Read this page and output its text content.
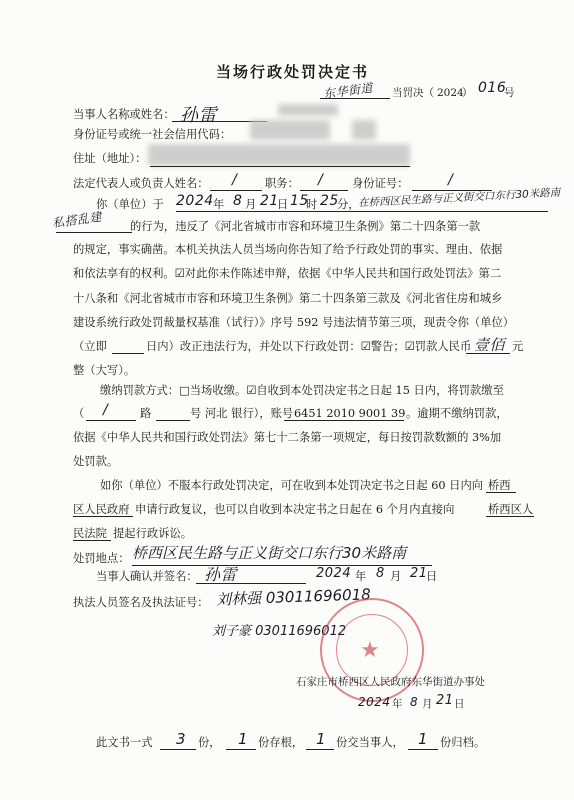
当场行政处罚决定书
东华街道 当罚决（ 2024
） 016
号
当事人名称或姓名： 孙雷
身份证号或统一社会信用代码：
住址（地址）：
法定代表人或负责人姓名： / 职务： /	身份证号：	/
你（单位）于 2024 年 8 月 21
日 15
时 25
分，
在桥西区民生路与正义街交口东行30米路南
私搭乱建 的行为，违反了《河北省城市市容和环境卫生条例》第二十四条第一款
的规定，事实确凿。本机关执法人员当场向你告知了给予行政处罚的事实、理由、依据
和依法享有的权利。☑对此你未作陈述申辩，依据《中华人民共和国行政处罚法》第二
十八条和《河北省城市市容和环境卫生条例》第二十四条第三款及《河北省住房和城乡
建设系统行政处罚裁量权基准（试行）》序号 592 号违法情节第三项，现责令你（单位）
（立即	日内）改正违法行为，并处以下行政处罚：☑警告；☑罚款人民币 壹佰 元
整（大写）。
缴纳罚款方式：□当场收缴。☑自收到本处罚决定书之日起 15 日内，将罚款缴至
（ /	路	号 河北 银行），账号 6451 2010 9001 39 。逾期不缴纳罚款，
依据《中华人民共和国行政处罚法》第七十二条第一项规定，每日按罚款数额的 3%加
处罚款。
如你（单位）不服本行政处罚决定，可在收到本处罚决定书之日起 60 日内向 桥西
区人民政府 申请行政复议，也可以自收到本决定书之日起在 6 个月内直接向	桥西区人
民法院 提起行政诉讼。
处罚地点： 桥西区民生路与正义街交口东行30米路南
当事人确认并签名： 孙雷	2024 年 8 月 21
日
执法人员签名及执法证号： 刘林强 03011696018
刘子豪 03011696012
★
石家庄市桥西区人民政府东华街道办事处
2024 年 8 月 21 日
此文书一式 3 份， 1 份存根， 1 份交当事人， 1 份归档。
